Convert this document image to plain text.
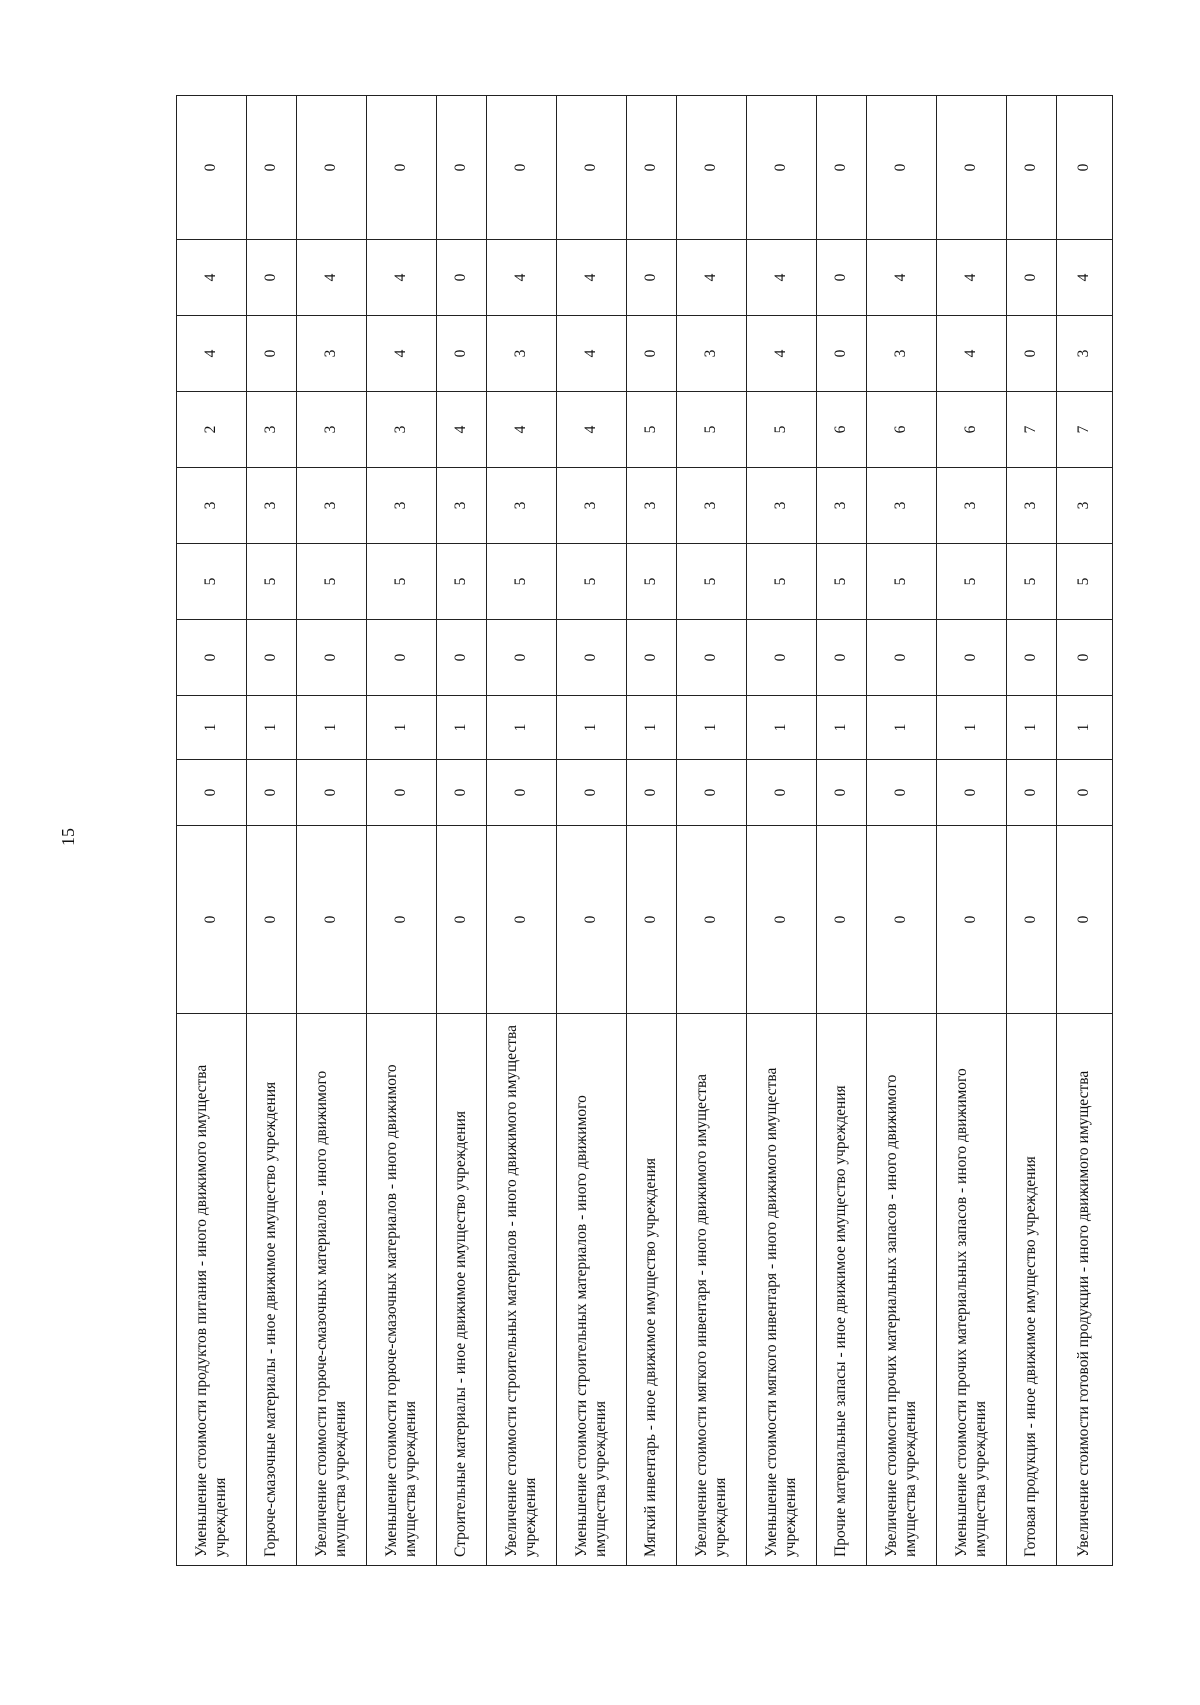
15
Уменьшение стоимости продуктов питания - иного движимого имущества учреждения	0	0	1	0	5	3	2	4	4	0
Горюче-смазочные материалы - иное движимое имущество учреждения	0	0	1	0	5	3	3	0	0	0
Увеличение стоимости горюче-смазочных материалов - иного движимого имущества учреждения	0	0	1	0	5	3	3	3	4	0
Уменьшение стоимости горюче-смазочных материалов - иного движимого имущества учреждения	0	0	1	0	5	3	3	4	4	0
Строительные материалы - иное движимое имущество учреждения	0	0	1	0	5	3	4	0	0	0
Увеличение стоимости строительных материалов - иного движимого имущества учреждения	0	0	1	0	5	3	4	3	4	0
Уменьшение стоимости строительных материалов - иного движимого имущества учреждения	0	0	1	0	5	3	4	4	4	0
Мягкий инвентарь - иное движимое имущество учреждения	0	0	1	0	5	3	5	0	0	0
Увеличение стоимости мягкого инвентаря - иного движимого имущества учреждения	0	0	1	0	5	3	5	3	4	0
Уменьшение стоимости мягкого инвентаря - иного движимого имущества учреждения	0	0	1	0	5	3	5	4	4	0
Прочие материальные запасы - иное движимое имущество учреждения	0	0	1	0	5	3	6	0	0	0
Увеличение стоимости прочих материальных запасов - иного движимого имущества учреждения	0	0	1	0	5	3	6	3	4	0
Уменьшение стоимости прочих материальных запасов - иного движимого имущества учреждения	0	0	1	0	5	3	6	4	4	0
Готовая продукция - иное движимое имущество учреждения	0	0	1	0	5	3	7	0	0	0
Увеличение стоимости готовой продукции - иного движимого имущества	0	0	1	0	5	3	7	3	4	0
